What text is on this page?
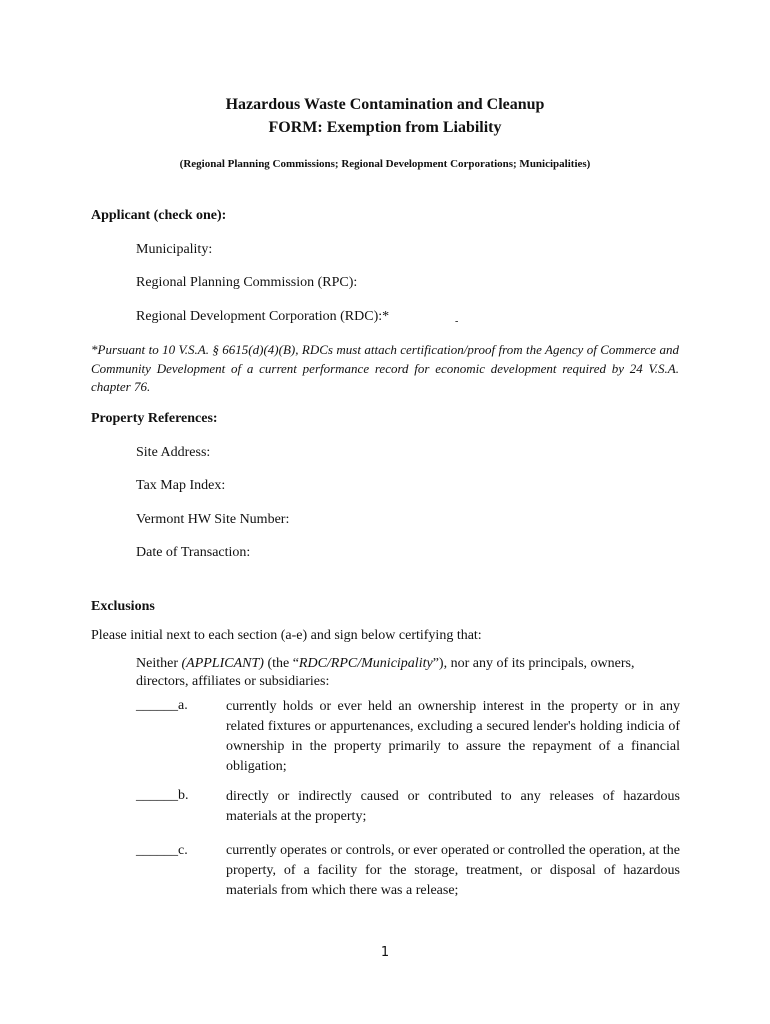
Hazardous Waste Contamination and Cleanup
FORM: Exemption from Liability
(Regional Planning Commissions; Regional Development Corporations; Municipalities)
Applicant (check one):
Municipality:
Regional Planning Commission (RPC):
Regional Development Corporation (RDC):*	-
*Pursuant to 10 V.S.A. § 6615(d)(4)(B), RDCs must attach certification/proof from the Agency of Commerce and Community Development of a current performance record for economic development required by 24 V.S.A. chapter 76.
Property References:
Site Address:
Tax Map Index:
Vermont HW Site Number:
Date of Transaction:
Exclusions
Please initial next to each section (a-e) and sign below certifying that:
Neither (APPLICANT) (the “RDC/RPC/Municipality”), nor any of its principals, owners, directors, affiliates or subsidiaries:
______a.	currently holds or ever held an ownership interest in the property or in any related fixtures or appurtenances, excluding a secured lender's holding indicia of ownership in the property primarily to assure the repayment of a financial obligation;
______b.	directly or indirectly caused or contributed to any releases of hazardous materials at the property;
______c.	currently operates or controls, or ever operated or controlled the operation, at the property, of a facility for the storage, treatment, or disposal of hazardous materials from which there was a release;
1
